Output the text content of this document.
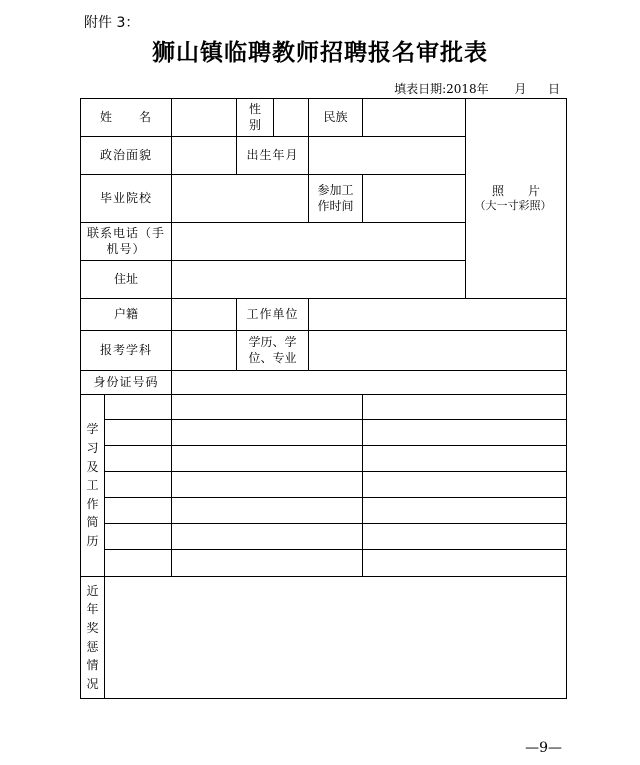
附件 3：
狮山镇临聘教师招聘报名审批表
填表日期:2018年 月 日
姓　　名			性别		民族		照　　片
（大一寸彩照）	

政治面貌			出生年月					
毕业院校					参加工作时间			

联系电话（手机号）								

住址								
户籍			工作单位					
报考学科			学历、学位、专业					

身份证号码								

学习及工作简历								

近年奖惩情况								

—9—
